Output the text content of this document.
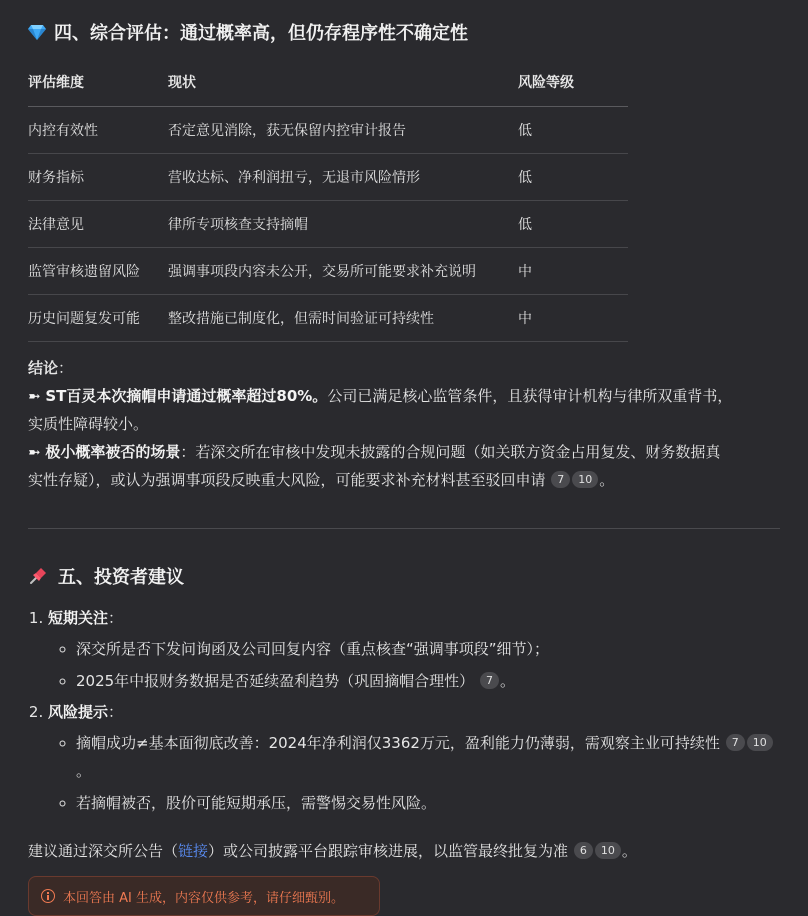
四、综合评估：通过概率高，但仍存程序性不确定性
评估维度	现状	风险等级
内控有效性	否定意见消除，获无保留内控审计报告	低
财务指标	营收达标、净利润扭亏，无退市风险情形	低
法律意见	律所专项核查支持摘帽	低
监管审核遗留风险	强调事项段内容未公开，交易所可能要求补充说明	中
历史问题复发可能	整改措施已制度化，但需时间验证可持续性	中
结论：
➼ ST百灵本次摘帽申请通过概率超过80%。公司已满足核心监管条件，且获得审计机构与律所双重背书，
实质性障碍较小。
➼ 极小概率被否的场景：若深交所在审核中发现未披露的合规问题（如关联方资金占用复发、财务数据真
实性存疑），或认为强调事项段反映重大风险，可能要求补充材料甚至驳回申请 7 10 。
五、投资者建议
1. 短期关注：
◦ 深交所是否下发问询函及公司回复内容（重点核查“强调事项段”细节）；
◦ 2025年中报财务数据是否延续盈利趋势（巩固摘帽合理性） 7 。
2. 风险提示：
◦ 摘帽成功≠基本面彻底改善：2024年净利润仅3362万元，盈利能力仍薄弱，需观察主业可持续性 7 10。
◦ 若摘帽被否，股价可能短期承压，需警惕交易性风险。
建议通过深交所公告（链接）或公司披露平台跟踪审核进展，以监管最终批复为准 6 10 。
本回答由 AI 生成，内容仅供参考，请仔细甄别。
